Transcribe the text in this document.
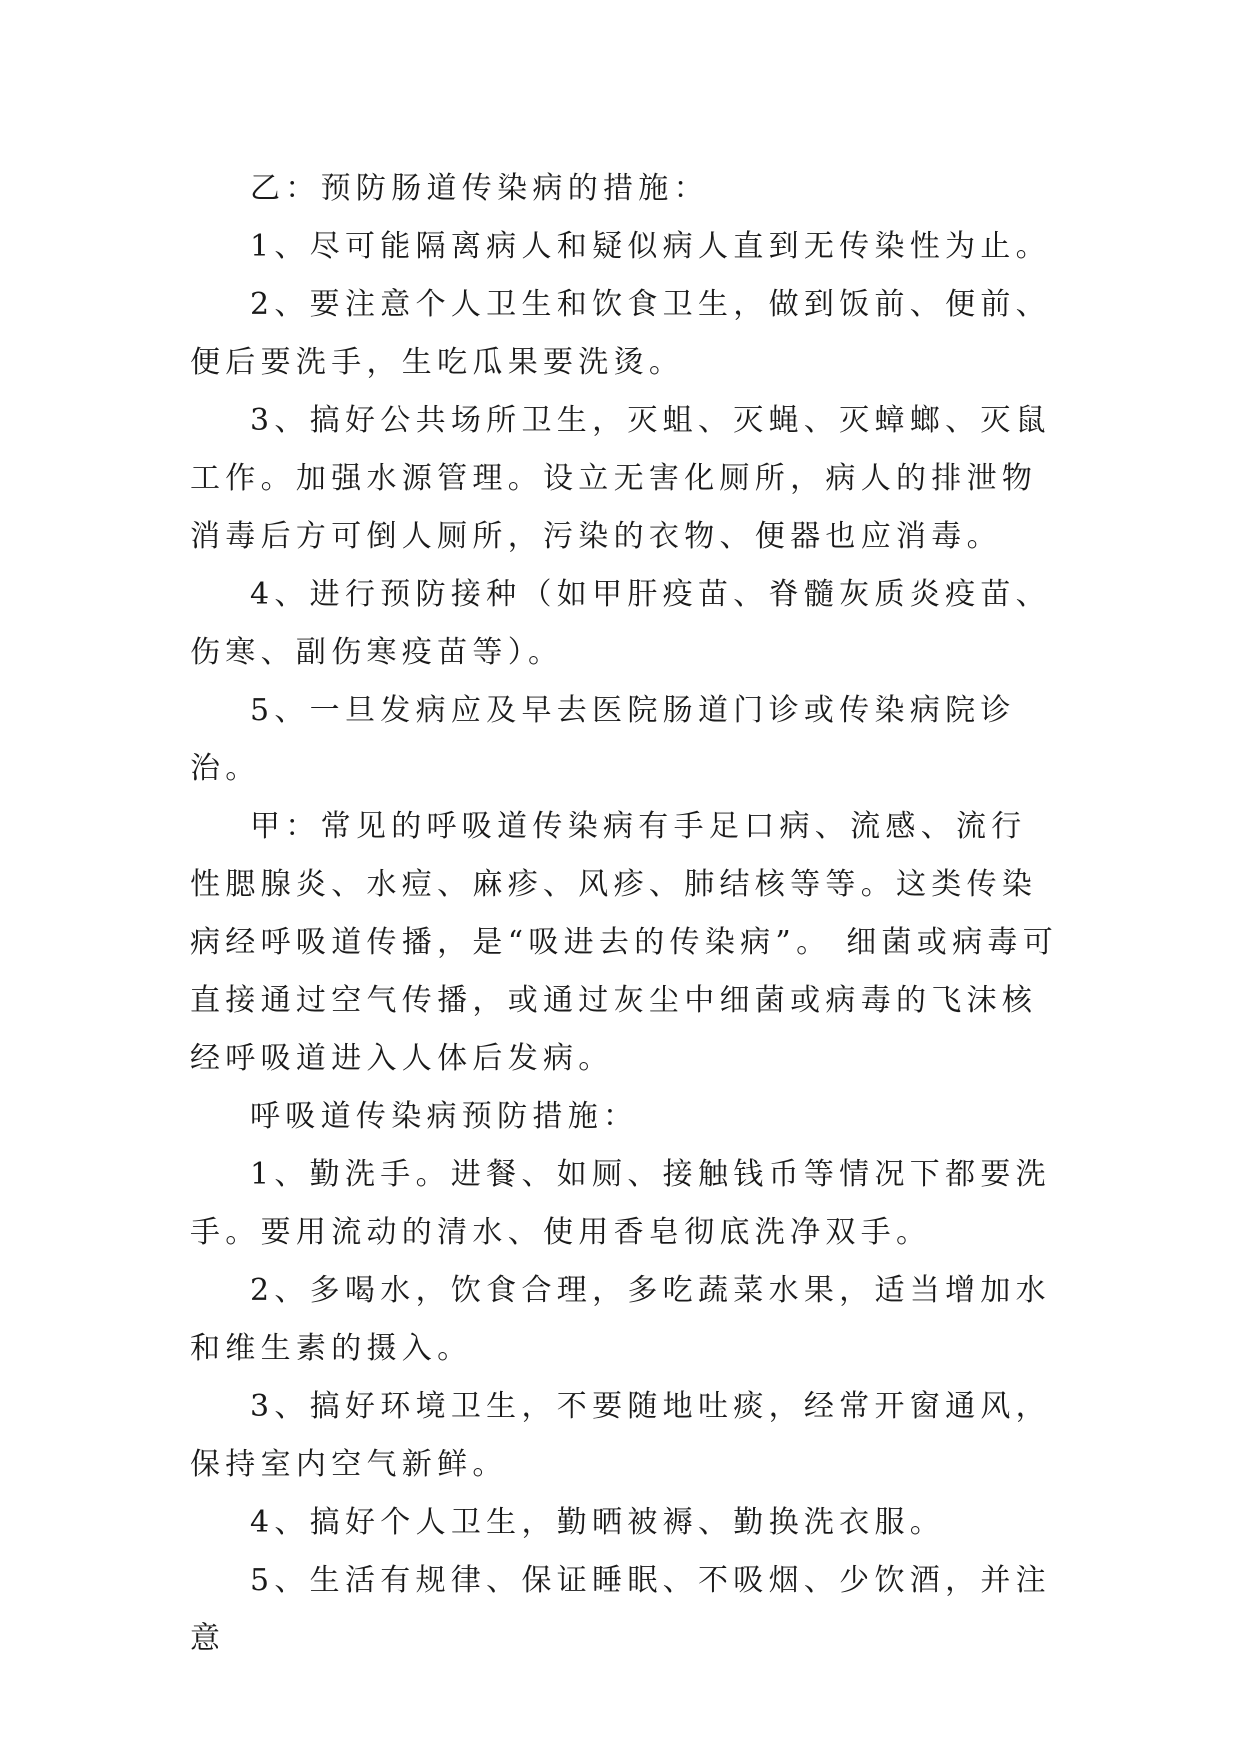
乙：预防肠道传染病的措施：

1、尽可能隔离病人和疑似病人直到无传染性为止。

2、要注意个人卫生和饮食卫生，做到饭前、便前、便后要洗手，生吃瓜果要洗烫。

3、搞好公共场所卫生，灭蛆、灭蝇、灭蟑螂、灭鼠工作。加强水源管理。设立无害化厕所，病人的排泄物消毒后方可倒人厕所，污染的衣物、便器也应消毒。

4、进行预防接种（如甲肝疫苗、脊髓灰质炎疫苗、伤寒、副伤寒疫苗等）。

5、一旦发病应及早去医院肠道门诊或传染病院诊治。

甲：常见的呼吸道传染病有手足口病、流感、流行性腮腺炎、水痘、麻疹、风疹、肺结核等等。这类传染病经呼吸道传播，是“吸进去的传染病”。 细菌或病毒可直接通过空气传播，或通过灰尘中细菌或病毒的飞沫核经呼吸道进入人体后发病。

呼吸道传染病预防措施：

1、勤洗手。进餐、如厕、接触钱币等情况下都要洗手。要用流动的清水、使用香皂彻底洗净双手。

2、多喝水，饮食合理，多吃蔬菜水果，适当增加水和维生素的摄入。

3、搞好环境卫生，不要随地吐痰，经常开窗通风，保持室内空气新鲜。

4、搞好个人卫生，勤晒被褥、勤换洗衣服。

5、生活有规律、保证睡眠、不吸烟、少饮酒，并注意
